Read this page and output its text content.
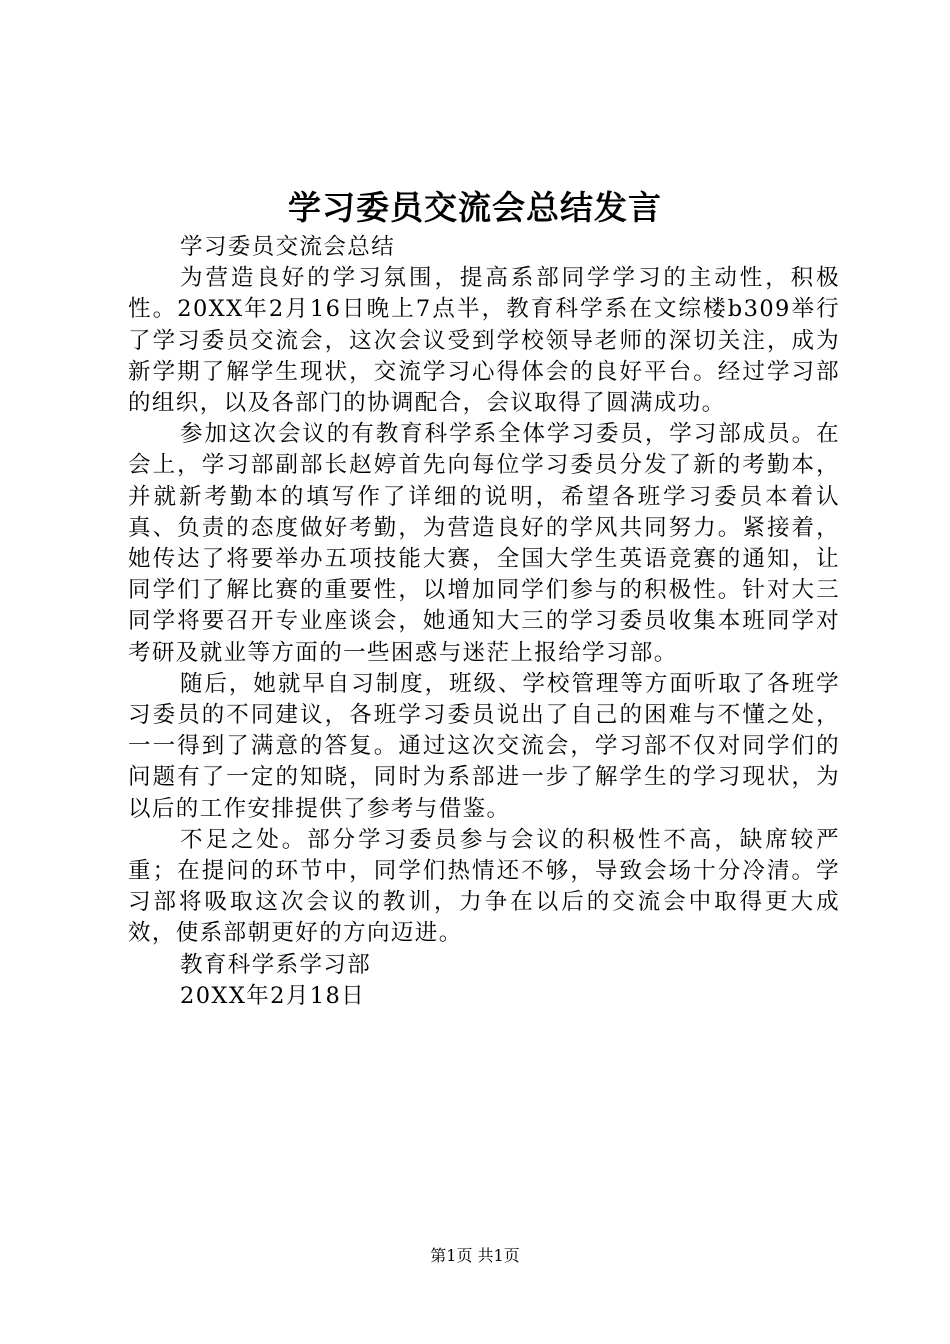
学习委员交流会总结发言

学习委员交流会总结

为营造良好的学习氛围，提高系部同学学习的主动性，积极性。20XX年2月16日晚上7点半，教育科学系在文综楼b309举行了学习委员交流会，这次会议受到学校领导老师的深切关注，成为新学期了解学生现状，交流学习心得体会的良好平台。经过学习部的组织，以及各部门的协调配合，会议取得了圆满成功。

参加这次会议的有教育科学系全体学习委员，学习部成员。在会上，学习部副部长赵婷首先向每位学习委员分发了新的考勤本，并就新考勤本的填写作了详细的说明，希望各班学习委员本着认真、负责的态度做好考勤，为营造良好的学风共同努力。紧接着，她传达了将要举办五项技能大赛，全国大学生英语竞赛的通知，让同学们了解比赛的重要性，以增加同学们参与的积极性。针对大三同学将要召开专业座谈会，她通知大三的学习委员收集本班同学对考研及就业等方面的一些困惑与迷茫上报给学习部。

随后，她就早自习制度，班级、学校管理等方面听取了各班学习委员的不同建议，各班学习委员说出了自己的困难与不懂之处，一一得到了满意的答复。通过这次交流会，学习部不仅对同学们的问题有了一定的知晓，同时为系部进一步了解学生的学习现状，为以后的工作安排提供了参考与借鉴。

不足之处。部分学习委员参与会议的积极性不高，缺席较严重；在提问的环节中，同学们热情还不够，导致会场十分冷清。学习部将吸取这次会议的教训，力争在以后的交流会中取得更大成效，使系部朝更好的方向迈进。

教育科学系学习部

20XX年2月18日

第1页 共1页
